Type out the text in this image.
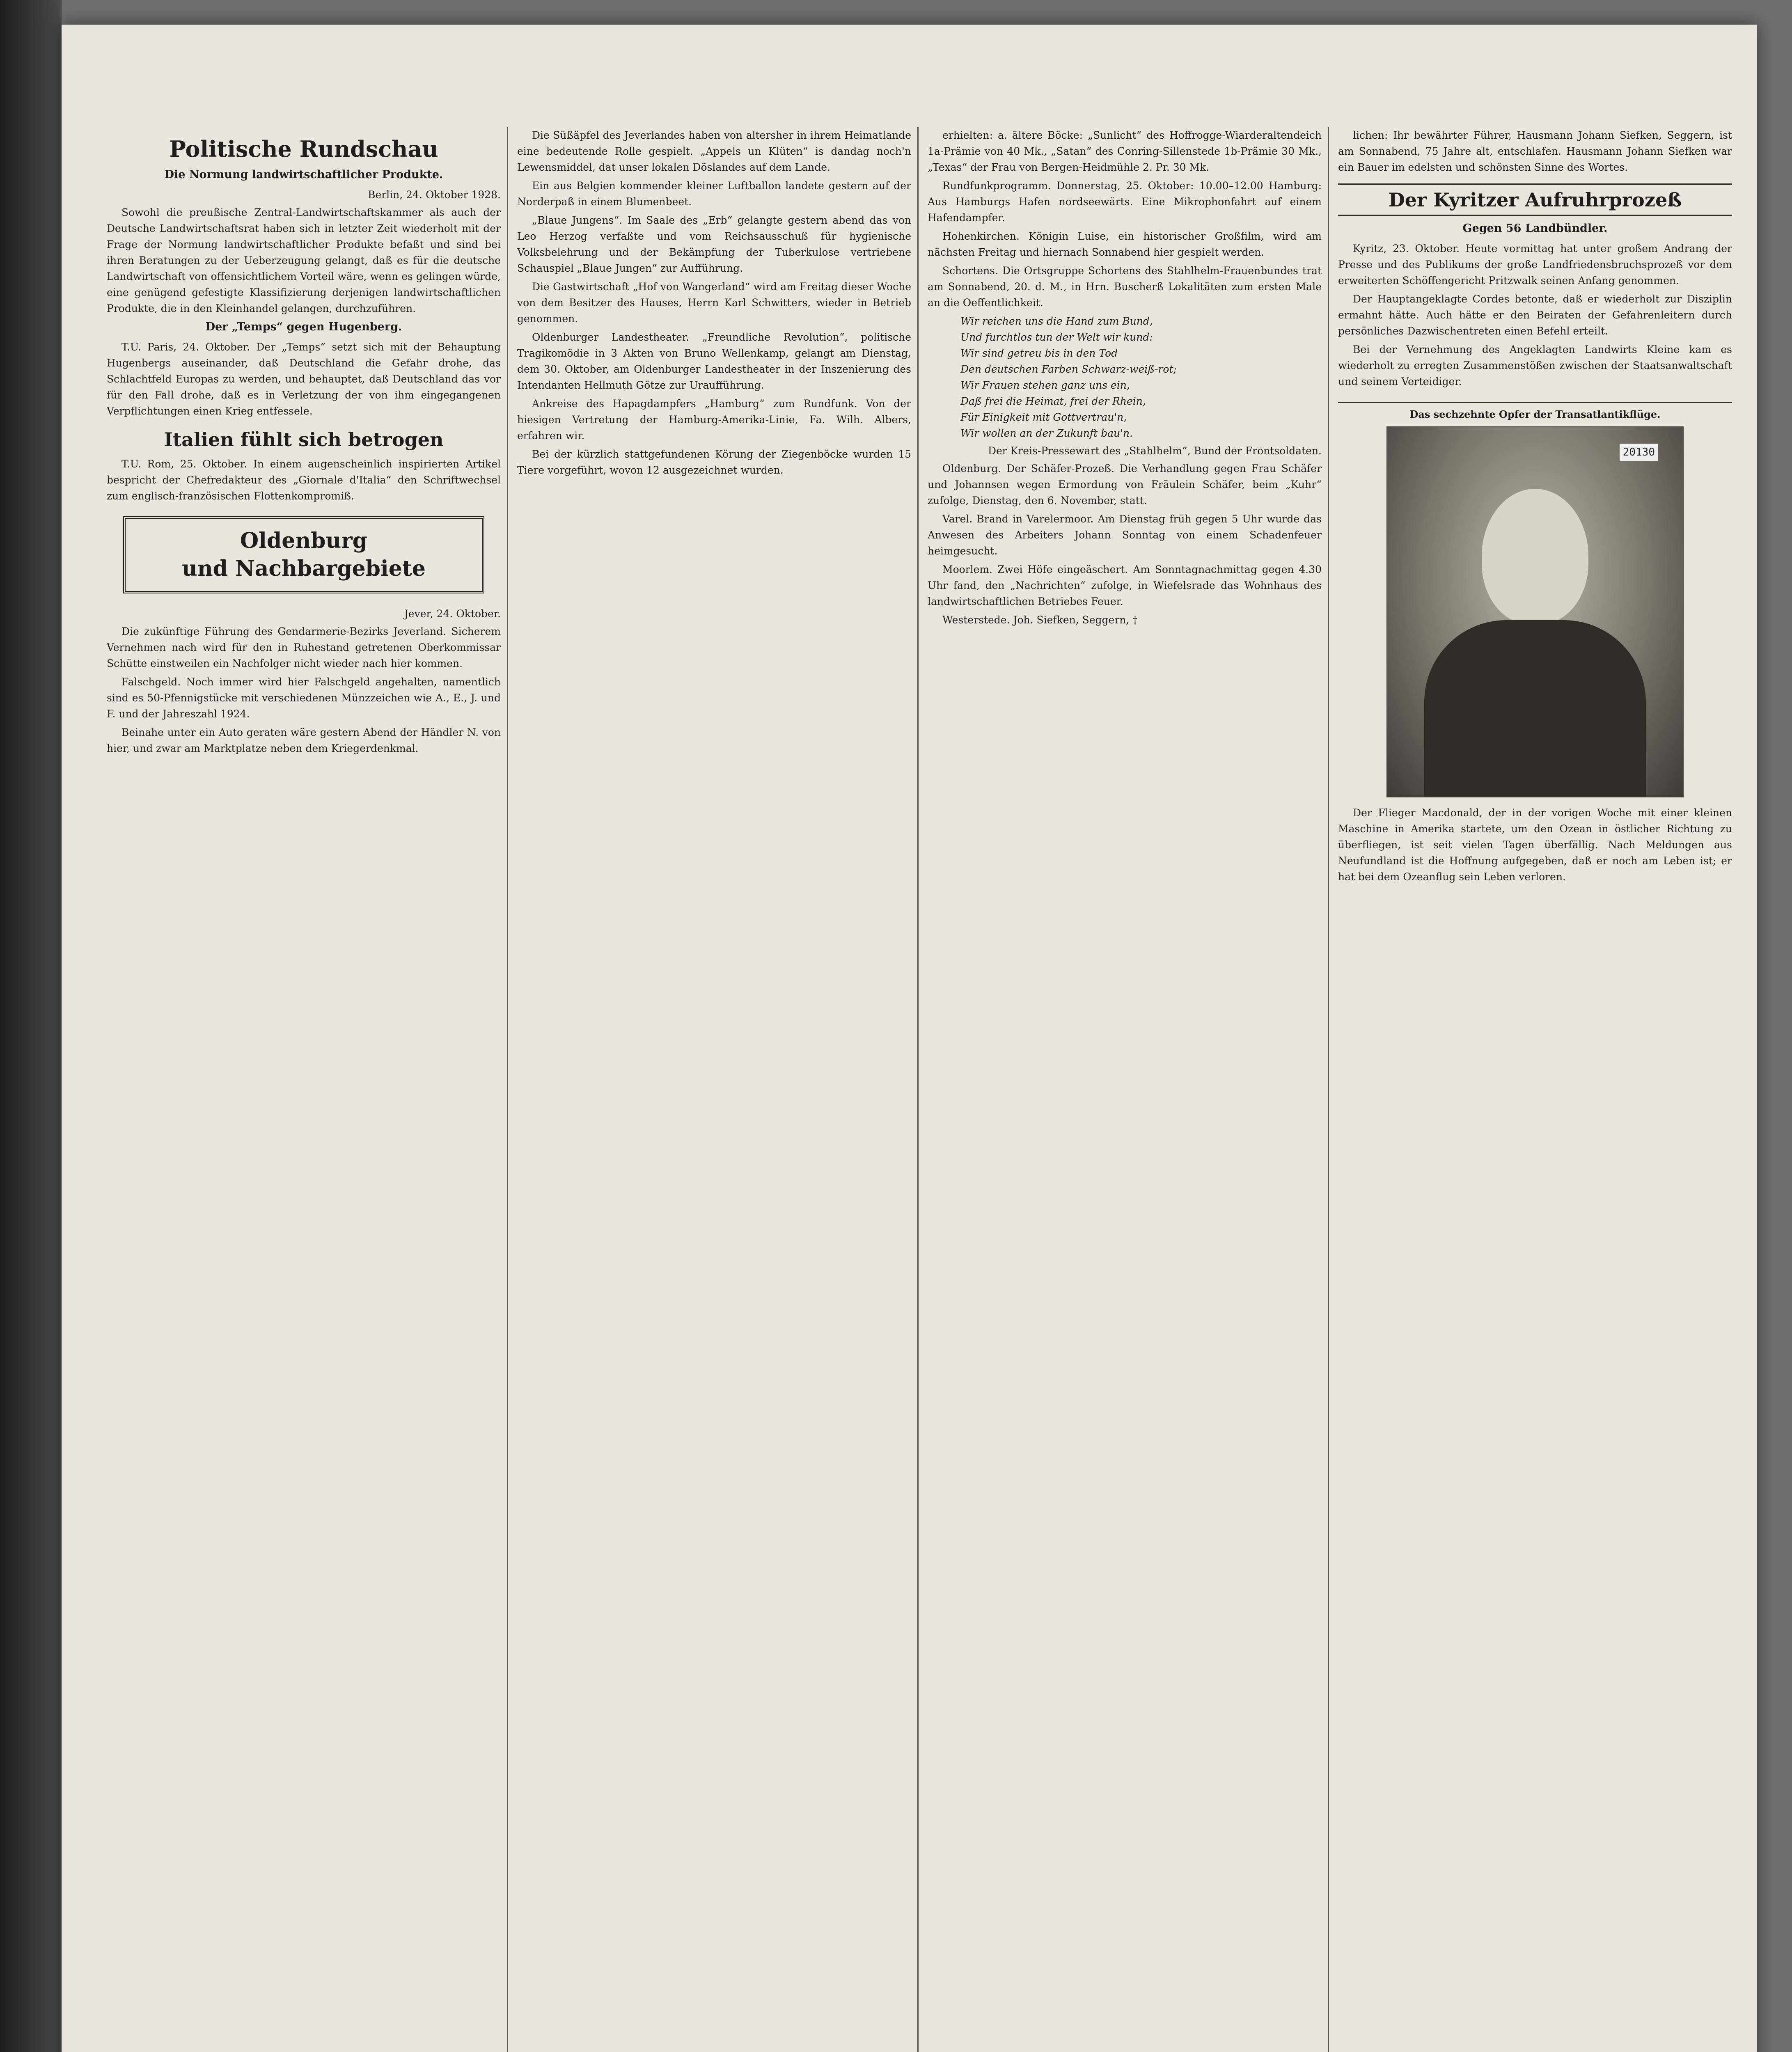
Politische Rundschau
Die Normung landwirtschaftlicher Produkte.
Berlin, 24. Oktober 1928.

Sowohl die preußische Zentral-Landwirtschaftskammer als auch der Deutsche Landwirtschaftsrat haben sich in letzter Zeit wiederholt mit der Frage der Normung landwirtschaftlicher Produkte befaßt und sind bei ihren Beratungen zu der Ueberzeugung gelangt, daß es für die deutsche Landwirtschaft von offensichtlichem Vorteil wäre, wenn es gelingen würde, eine genügend gefestigte Klassifizierung derjenigen landwirtschaftlichen Produkte, die in den Kleinhandel gelangen, durchzuführen.

Der „Temps“ gegen Hugenberg.

T.U. Paris, 24. Oktober. Der „Temps“ setzt sich mit der Behauptung Hugenbergs auseinander, daß Deutschland die Gefahr drohe, das Schlachtfeld Europas zu werden, und behauptet, daß Deutschland das vor für den Fall drohe, daß es in Verletzung der von ihm eingegangenen Verpflichtungen einen Krieg entfessele.

Italien fühlt sich betrogen

T.U. Rom, 25. Oktober. In einem augenscheinlich inspirierten Artikel bespricht der Chefredakteur des „Giornale d'Italia“ den Schriftwechsel zum englisch-französischen Flottenkompromiß.

Oldenburg
und Nachbargebiete
Jever, 24. Oktober.

Die zukünftige Führung des Gendarmerie-Bezirks Jeverland. Sicherem Vernehmen nach wird für den in Ruhestand getretenen Oberkommissar Schütte einstweilen ein Nachfolger nicht wieder nach hier kommen.

Falschgeld. Noch immer wird hier Falschgeld angehalten, namentlich sind es 50-Pfennigstücke mit verschiedenen Münzzeichen wie A., E., J. und F. und der Jahreszahl 1924.

Beinahe unter ein Auto geraten wäre gestern Abend der Händler N. von hier, und zwar am Marktplatze neben dem Kriegerdenkmal.

Die Süßäpfel des Jeverlandes haben von altersher in ihrem Heimatlande eine bedeutende Rolle gespielt. „Appels un Klüten“ is dandag noch'n Lewensmiddel, dat unser lokalen Döslandes auf dem Lande.

Ein aus Belgien kommender kleiner Luftballon landete gestern auf der Norderpaß in einem Blumenbeet.

„Blaue Jungens“. Im Saale des „Erb“ gelangte gestern abend das von Leo Herzog verfaßte und vom Reichsausschuß für hygienische Volksbelehrung und der Bekämpfung der Tuberkulose vertriebene Schauspiel „Blaue Jungen“ zur Aufführung.

Die Gastwirtschaft „Hof von Wangerland“ wird am Freitag dieser Woche von dem Besitzer des Hauses, Herrn Karl Schwitters, wieder in Betrieb genommen.

Oldenburger Landestheater. „Freundliche Revolution“, politische Tragikomödie in 3 Akten von Bruno Wellenkamp, gelangt am Dienstag, dem 30. Oktober, am Oldenburger Landestheater in der Inszenierung des Intendanten Hellmuth Götze zur Uraufführung.

Ankreise des Hapagdampfers „Hamburg“ zum Rundfunk. Von der hiesigen Vertretung der Hamburg-Amerika-Linie, Fa. Wilh. Albers, erfahren wir.

Bei der kürzlich stattgefundenen Körung der Ziegenböcke wurden 15 Tiere vorgeführt, wovon 12 ausgezeichnet wurden.

erhielten: a. ältere Böcke: „Sunlicht“ des Hoffrogge-Wiarderaltendeich 1a-Prämie von 40 Mk., „Satan“ des Conring-Sillenstede 1b-Prämie 30 Mk., „Texas“ der Frau von Bergen-Heidmühle 2. Pr. 30 Mk.

Rundfunkprogramm. Donnerstag, 25. Oktober: 10.00–12.00 Hamburg: Aus Hamburgs Hafen nordseewärts. Eine Mikrophonfahrt auf einem Hafendampfer.

Hohenkirchen. Königin Luise, ein historischer Großfilm, wird am nächsten Freitag und hiernach Sonnabend hier gespielt werden.

Schortens. Die Ortsgruppe Schortens des Stahlhelm-Frauenbundes trat am Sonnabend, 20. d. M., in Hrn. Buscherß Lokalitäten zum ersten Male an die Oeffentlichkeit.

Wir reichen uns die Hand zum Bund,

Und furchtlos tun der Welt wir kund:

Wir sind getreu bis in den Tod

Den deutschen Farben Schwarz-weiß-rot;

Wir Frauen stehen ganz uns ein,

Daß frei die Heimat, frei der Rhein,

Für Einigkeit mit Gottvertrau'n,

Wir wollen an der Zukunft bau'n.

Der Kreis-Pressewart des „Stahlhelm“, Bund der Frontsoldaten.

Oldenburg. Der Schäfer-Prozeß. Die Verhandlung gegen Frau Schäfer und Johannsen wegen Ermordung von Fräulein Schäfer, beim „Kuhr“ zufolge, Dienstag, den 6. November, statt.

Varel. Brand in Varelermoor. Am Dienstag früh gegen 5 Uhr wurde das Anwesen des Arbeiters Johann Sonntag von einem Schadenfeuer heimgesucht.

Moorlem. Zwei Höfe eingeäschert. Am Sonntagnachmittag gegen 4.30 Uhr fand, den „Nachrichten“ zufolge, in Wiefelsrade das Wohnhaus des landwirtschaftlichen Betriebes Feuer.

Westerstede. Joh. Siefken, Seggern, †

lichen: Ihr bewährter Führer, Hausmann Johann Siefken, Seggern, ist am Sonnabend, 75 Jahre alt, entschlafen. Hausmann Johann Siefken war ein Bauer im edelsten und schönsten Sinne des Wortes.

Der Kyritzer Aufruhrprozeß
Gegen 56 Landbündler.

Kyritz, 23. Oktober. Heute vormittag hat unter großem Andrang der Presse und des Publikums der große Landfriedensbruchsprozeß vor dem erweiterten Schöffengericht Pritzwalk seinen Anfang genommen.

Der Hauptangeklagte Cordes betonte, daß er wiederholt zur Disziplin ermahnt hätte. Auch hätte er den Beiraten der Gefahrenleitern durch persönliches Dazwischentreten einen Befehl erteilt.

Bei der Vernehmung des Angeklagten Landwirts Kleine kam es wiederholt zu erregten Zusammenstößen zwischen der Staatsanwaltschaft und seinem Verteidiger.

Das sechzehnte Opfer der Transatlantikflüge.
20130

Der Flieger Macdonald, der in der vorigen Woche mit einer kleinen Maschine in Amerika startete, um den Ozean in östlicher Richtung zu überfliegen, ist seit vielen Tagen überfällig. Nach Meldungen aus Neufundland ist die Hoffnung aufgegeben, daß er noch am Leben ist; er hat bei dem Ozeanflug sein Leben verloren.
